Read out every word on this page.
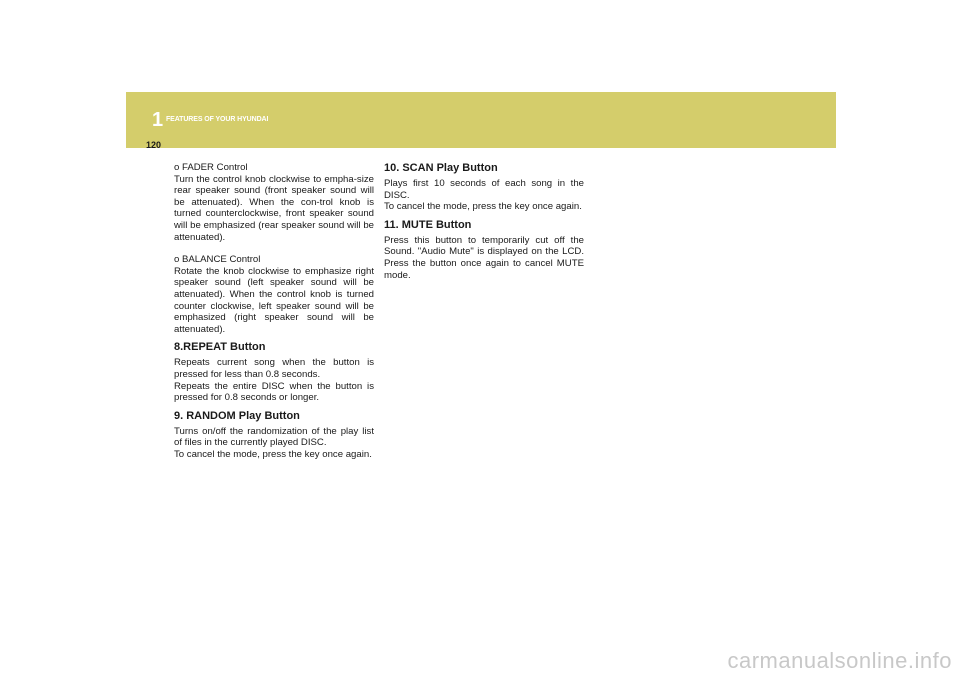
1 FEATURES OF YOUR HYUNDAI
120

o FADER Control

Turn the control knob clockwise to empha-size rear speaker sound (front speaker sound will be attenuated). When the con-trol knob is turned counterclockwise, front speaker sound will be emphasized (rear speaker sound will be attenuated).

o BALANCE Control

Rotate the knob clockwise to emphasize right speaker sound (left speaker sound will be attenuated). When the control knob is turned counter clockwise, left speaker sound will be emphasized (right speaker sound will be attenuated).

8.REPEAT Button

Repeats current song when the button is pressed for less than 0.8 seconds.

Repeats the entire DISC when the button is pressed for 0.8 seconds or longer.

9. RANDOM Play Button

Turns on/off the randomization of the play list of files in the currently played DISC.

To cancel the mode, press the key once again.

10. SCAN Play Button

Plays first 10 seconds of each song in the DISC.

To cancel the mode, press the key once again.

11. MUTE Button

Press this button to temporarily cut off the Sound. "Audio Mute" is displayed on the LCD. Press the button once again to cancel MUTE mode.

carmanualsonline.info
